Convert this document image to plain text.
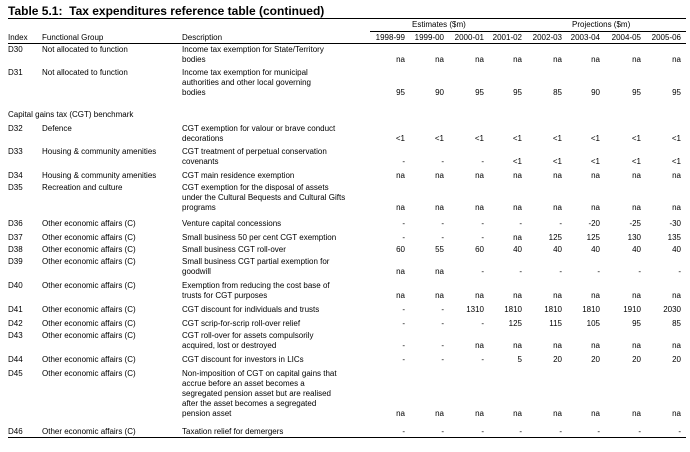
Table 5.1:  Tax expenditures reference table (continued)
Estimates ($m)	Projections ($m)
Index Functional Group	Description	1998-99	1999-00	2000-01	2001-02	2002-03	2003-04	2004-05	2005-06
Capital gains tax (CGT) benchmark
D30 Not allocated to function	Income tax exemption for State/Territory
bodies	na	na	na	na	na	na	na	na
D31 Not allocated to function	Income tax exemption for municipal
authorities and other local governing
bodies	95	90	95	95	85	90	95	95
D32 Defence	CGT exemption for valour or brave conduct
decorations	<1	<1	<1	<1	<1	<1	<1	<1
D33 Housing & community amenities	CGT treatment of perpetual conservation
covenants	-	-	-	<1	<1	<1	<1	<1
D34 Housing & community amenities	CGT main residence exemption	na	na	na	na	na	na	na	na
D35 Recreation and culture	CGT exemption for the disposal of assets
under the Cultural Bequests and Cultural Gifts
programs	na	na	na	na	na	na	na	na
D36 Other economic affairs (C)	Venture capital concessions	-	-	-	-	-	-20	-25	-30
D37 Other economic affairs (C)	Small business 50 per cent CGT exemption	-	-	-	na	125	125	130	135
D38 Other economic affairs (C)	Small business CGT roll-over	60	55	60	40	40	40	40	40
D39 Other economic affairs (C)	Small business CGT partial exemption for
goodwill	na	na	-	-	-	-	-	-
D40 Other economic affairs (C)	Exemption from reducing the cost base of
trusts for CGT purposes	na	na	na	na	na	na	na	na
D41 Other economic affairs (C)	CGT discount for individuals and trusts	-	-	1310	1810	1810	1810	1910	2030
D42 Other economic affairs (C)	CGT scrip-for-scrip roll-over relief	-	-	-	125	115	105	95	85
D43 Other economic affairs (C)	CGT roll-over for assets compulsorily
acquired, lost or destroyed	-	-	na	na	na	na	na	na
D44 Other economic affairs (C)	CGT discount for investors in LICs	-	-	-	5	20	20	20	20
D45 Other economic affairs (C)	Non-imposition of CGT on capital gains that
accrue before an asset becomes a
segregated pension asset but are realised
after the asset becomes a segregated
pension asset	na	na	na	na	na	na	na	na
D46 Other economic affairs (C)	Taxation relief for demergers	-	-	-	-	-	-	-	-
